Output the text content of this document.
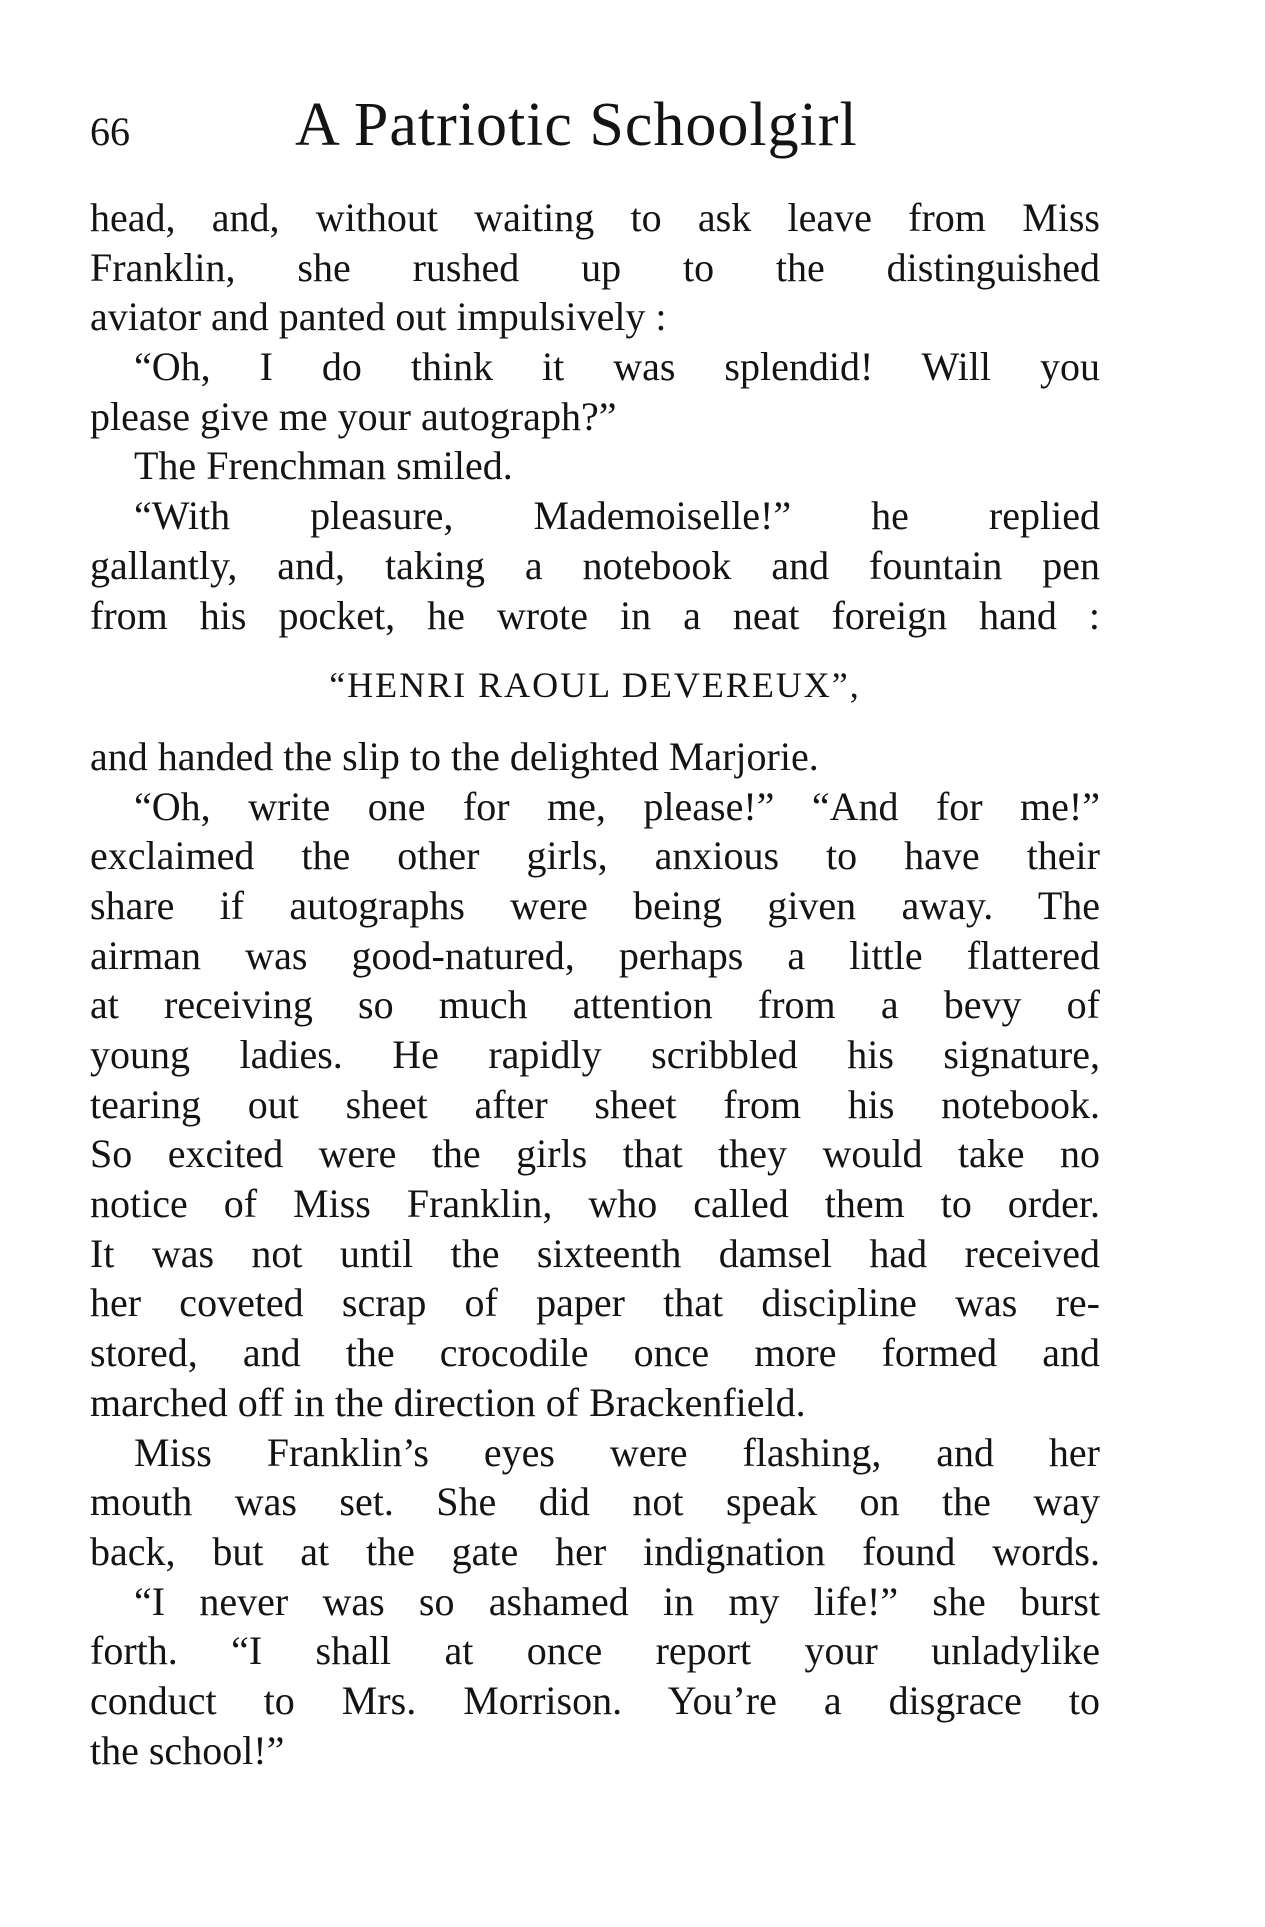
66	A Patriotic Schoolgirl
head, and, without waiting to ask leave from Miss
Franklin, she rushed up to the distinguished
aviator and panted out impulsively :
“Oh, I do think it was splendid! Will you
please give me your autograph?”
The Frenchman smiled.
“With pleasure, Mademoiselle!” he replied
gallantly, and, taking a notebook and fountain pen
from his pocket, he wrote in a neat foreign hand :
“HENRI RAOUL DEVEREUX”,
and handed the slip to the delighted Marjorie.
“Oh, write one for me, please!” “And for me!”
exclaimed the other girls, anxious to have their
share if autographs were being given away. The
airman was good-natured, perhaps a little flattered
at receiving so much attention from a bevy of
young ladies. He rapidly scribbled his signature,
tearing out sheet after sheet from his notebook.
So excited were the girls that they would take no
notice of Miss Franklin, who called them to order.
It was not until the sixteenth damsel had received
her coveted scrap of paper that discipline was re-
stored, and the crocodile once more formed and
marched off in the direction of Brackenfield.
Miss Franklin’s eyes were flashing, and her
mouth was set. She did not speak on the way
back, but at the gate her indignation found words.
“I never was so ashamed in my life!” she burst
forth. “I shall at once report your unladylike
conduct to Mrs. Morrison. You’re a disgrace to
the school!”
